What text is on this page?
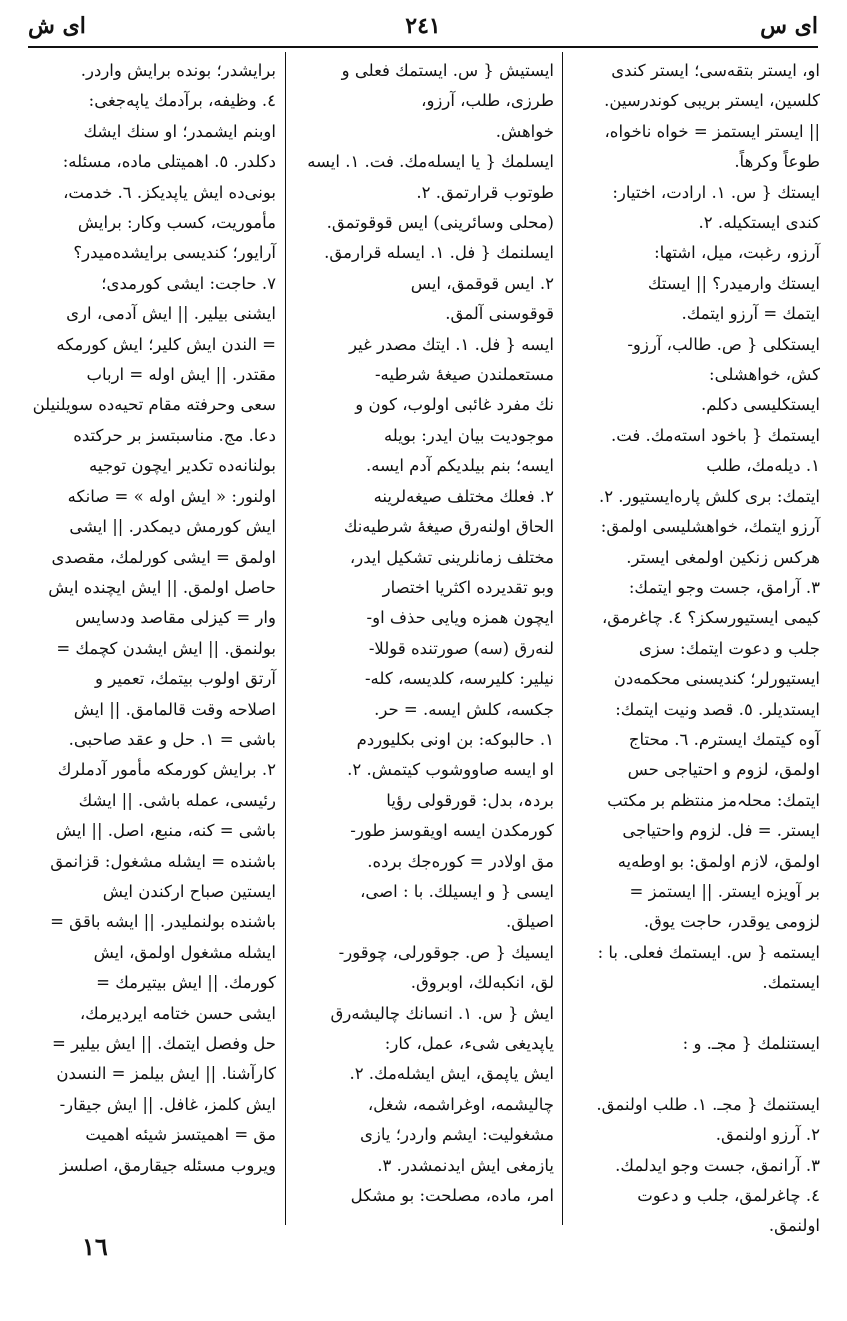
ای ش	٢٤١	ای س
او، ایستر بتقه‌سی؛ ایستر کندی
کلسین، ایستر بریبی کوندرسین.
|| ایستر ایستمز = خواه ناخواه،
طوعاً وکرهاً.
ایستك { س. ١. ارادت، اختیار:
کندی ایستکیله. ٢.
آرزو، رغبت، میل، اشتها:
ایستك وارمیدر؟ || ایستك
ایتمك = آرزو ایتمك.
ایستکلی { ص. طالب، آرزو-
کش، خواهشلی:
ایستکلیسی دکلم.
ایستمك { باخود استه‌مك. فت.
١. دیله‌مك، طلب
ایتمك: بری کلش پاره‌ایستیور. ٢.
آرزو ایتمك، خواهشلیسی اولمق:
هرکس زنکین اولمغی ایستر.
٣. آرامق، جست وجو ایتمك:
کیمی ایستیورسکز؟ ٤. چاغرمق،
جلب و دعوت ایتمك: سزی
ایستیورلر؛ کندیسنی محکمه‌دن
ایستدیلر. ٥. قصد ونیت ایتمك:
آوه کیتمك ایسترم. ٦. محتاج
اولمق، لزوم و احتیاجی حس
ایتمك: محلہ‌مز منتظم بر مکتب
ایستر. = فل. لزوم واحتیاجی
اولمق، لازم اولمق: بو اوطه‌یه
بر آویزه ایستر. || ایستمز =
لزومی یوقدر، حاجت یوق.
ایستمه { س. ایستمك فعلی. با :
ایستمك.

ایستنلمك { مجـ. و :

ایستنمك { مجـ. ١. طلب اولنمق.
٢. آرزو اولنمق.
٣. آرانمق، جست وجو ایدلمك.
٤. چاغرلمق، جلب و دعوت
اولنمق.
ایستیش { س. ایستمك فعلی و
طرزی، طلب، آرزو،
خواهش.
ایسلمك { یا ایسله‌مك. فت. ١. ایسه
طوتوب قرارتمق. ٢.
(محلی وسائرینی) ایس قوقوتمق.
ایسلنمك { فل. ١. ایسله قرارمق.
٢. ایس قوقمق، ایس
قوقوسنی آلمق.
ایسه { فل. ١. ایتك مصدر غیر
مستعملندن صیغهٔ شرطیه-
نك مفرد غائبی اولوب، کون و
موجودیت بیان ایدر: بویله
ایسه؛ بنم بیلدیکم آدم ایسه.
٢. فعلك مختلف صیغه‌لرینه
الحاق اولنه‌رق صیغهٔ شرطیه‌نك
مختلف زمانلرینی تشکیل ایدر،
وبو تقدیرده اکثریا اختصار
ایچون همزه ویایی حذف او-
لنه‌رق (سه) صورتنده قوللا-
نیلیر: کلیرسه، کلدیسه، کله-
جکسه، کلش ایسه. = حر.
١. حالبوکه: بن اونی بکلیوردم
او ایسه صاووشوب کیتمش. ٢.
بردہ، بدل: قورقولی رؤیا
کورمکدن ایسه اویقوسز طور-
مق اولادر = کوره‌جك برده.
ایسی { و ایسیلك. با : اصی،
اصیلق.
ایسیك { ص. جوقورلی، چوقور-
لق، انکبه‌لك، اوبروق.
ایش { س. ١. انسانك چالیشه‌رق
یاپدیغی شیء، عمل، کار:
ایش یاپمق، ایش ایشله‌مك. ٢.
چالیشمه، اوغراشمه، شغل،
مشغولیت: ایشم واردر؛ یازی
یازمغی ایش ایدنمشدر. ٣.
امر، ماده، مصلحت: بو مشکل
برایشدر؛ بونده برایش واردر.
٤. وظیفه، برآدمك یاپه‌جغی:
اوبنم ایشمدر؛ او سنك ایشك
دکلدر. ٥. اهمیتلی ماده، مسئله:
بونی‌ده ایش یاپدیکز. ٦. خدمت،
مأموریت، کسب وکار: برایش
آرایور؛ کندیسی برایشده‌میدر؟
٧. حاجت: ایشی کورمدی؛
ایشنی بیلیر. || ایش آدمی، اری
= الندن ایش کلیر؛ ایش کورمکه
مقتدر. || ایش اوله = ارباب
سعی وحرفته مقام تحیه‌ده سویلنیلن
دعا. مج. مناسبتسز بر حرکتده
بولنانه‌ده تکدیر ایچون توجیه
اولنور: « ایش اوله » = صانکه
ایش کورمش دیمکدر. || ایشی
اولمق = ایشی کورلمك، مقصدی
حاصل اولمق. || ایش ایچنده ایش
وار = کیزلی مقاصد ودسایس
بولنمق. || ایش ایشدن کچمك =
آرتق اولوب بیتمك، تعمیر و
اصلاحه وقت قالمامق. || ایش
باشی = ١. حل و عقد صاحبی.
٢. برایش کورمکه مأمور آدملرك
رئیسی، عمله باشی. || ایشك
باشی = کنه، منبع، اصل. || ایش
باشنده = ایشله مشغول: قزانمق
ایستین صباح ارکندن ایش
باشنده بولنملیدر. || ایشه باقق =
ایشله مشغول اولمق، ایش
کورمك. || ایش بیتیرمك =
ایشی حسن ختامه ایردیرمك،
حل وفصل ایتمك. || ایش بیلیر =
کارآشنا. || ایش بیلمز = النسدن
ایش کلمز، غافل. || ایش جیقار-
مق = اهمیتسز شیئه اهمیت
ویروب مسئله جیقارمق، اصلسز
١٦
